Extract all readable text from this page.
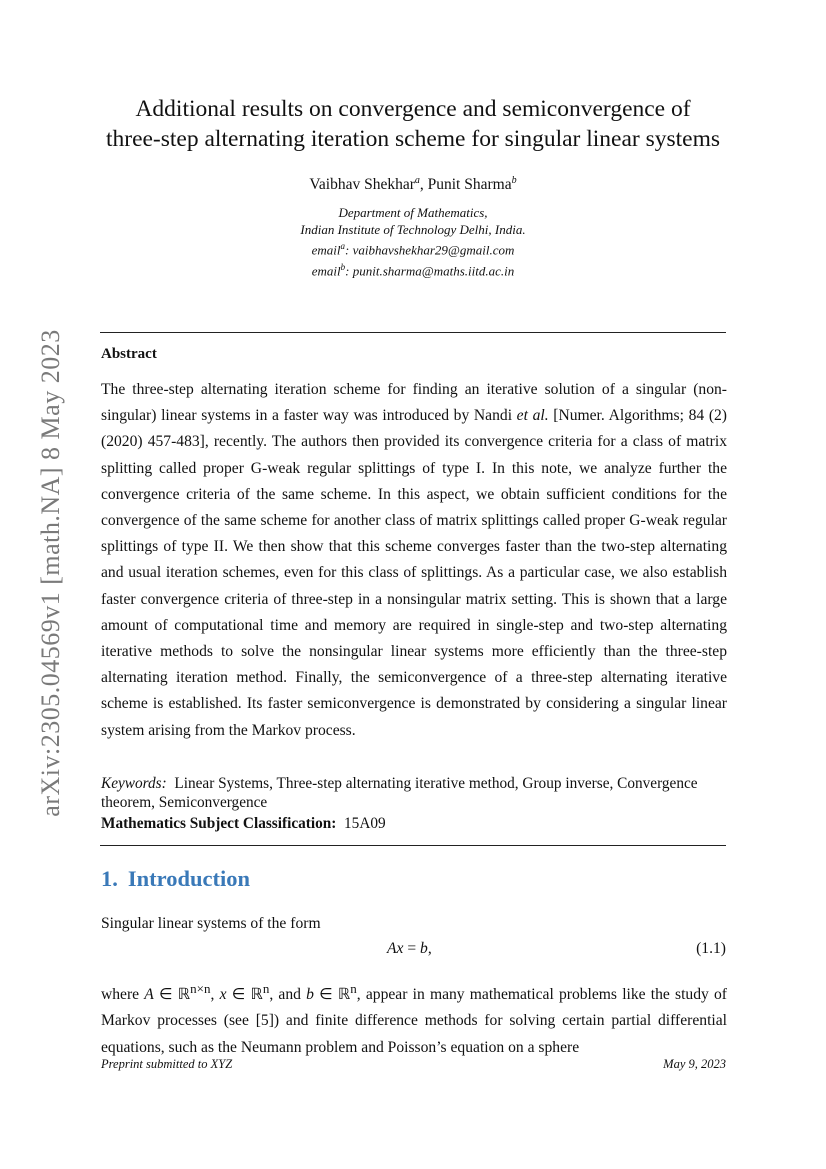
arXiv:2305.04569v1 [math.NA] 8 May 2023
Additional results on convergence and semiconvergence of
three-step alternating iteration scheme for singular linear systems
Vaibhav Shekhar$^a$, Punit Sharma$^b$
Department of Mathematics,
Indian Institute of Technology Delhi, India.
email$^a$: vaibhavshekhar29@gmail.com
email$^b$: punit.sharma@maths.iitd.ac.in
Abstract

The three-step alternating iteration scheme for finding an iterative solution of a singular (non-singular) linear systems in a faster way was introduced by Nandi et al. [Numer. Algorithms; 84 (2) (2020) 457-483], recently. The authors then provided its convergence criteria for a class of matrix splitting called proper G-weak regular splittings of type I. In this note, we analyze further the convergence criteria of the same scheme. In this aspect, we obtain sufficient conditions for the convergence of the same scheme for another class of matrix splittings called proper G-weak regular splittings of type II. We then show that this scheme converges faster than the two-step alternating and usual iteration schemes, even for this class of splittings. As a particular case, we also establish faster convergence criteria of three-step in a nonsingular matrix setting. This is shown that a large amount of computational time and memory are required in single-step and two-step alternating iterative methods to solve the nonsingular linear systems more efficiently than the three-step alternating iteration method. Finally, the semiconvergence of a three-step alternating iterative scheme is established. Its faster semiconvergence is demonstrated by considering a singular linear system arising from the Markov process.

Keywords: Linear Systems, Three-step alternating iterative method, Group inverse, Convergence theorem, Semiconvergence
Mathematics Subject Classification: 15A09
1. Introduction
Singular linear systems of the form
Ax = b,	(1.1)

where A ∈ ℝ$^{n\times n}$, x ∈ ℝ$^n$, and b ∈ ℝ$^n$, appear in many mathematical problems like the study of Markov processes (see [5]) and finite difference methods for solving certain partial differential equations, such as the Neumann problem and Poisson’s equation on a sphere

Preprint submitted to XYZ	May 9, 2023
